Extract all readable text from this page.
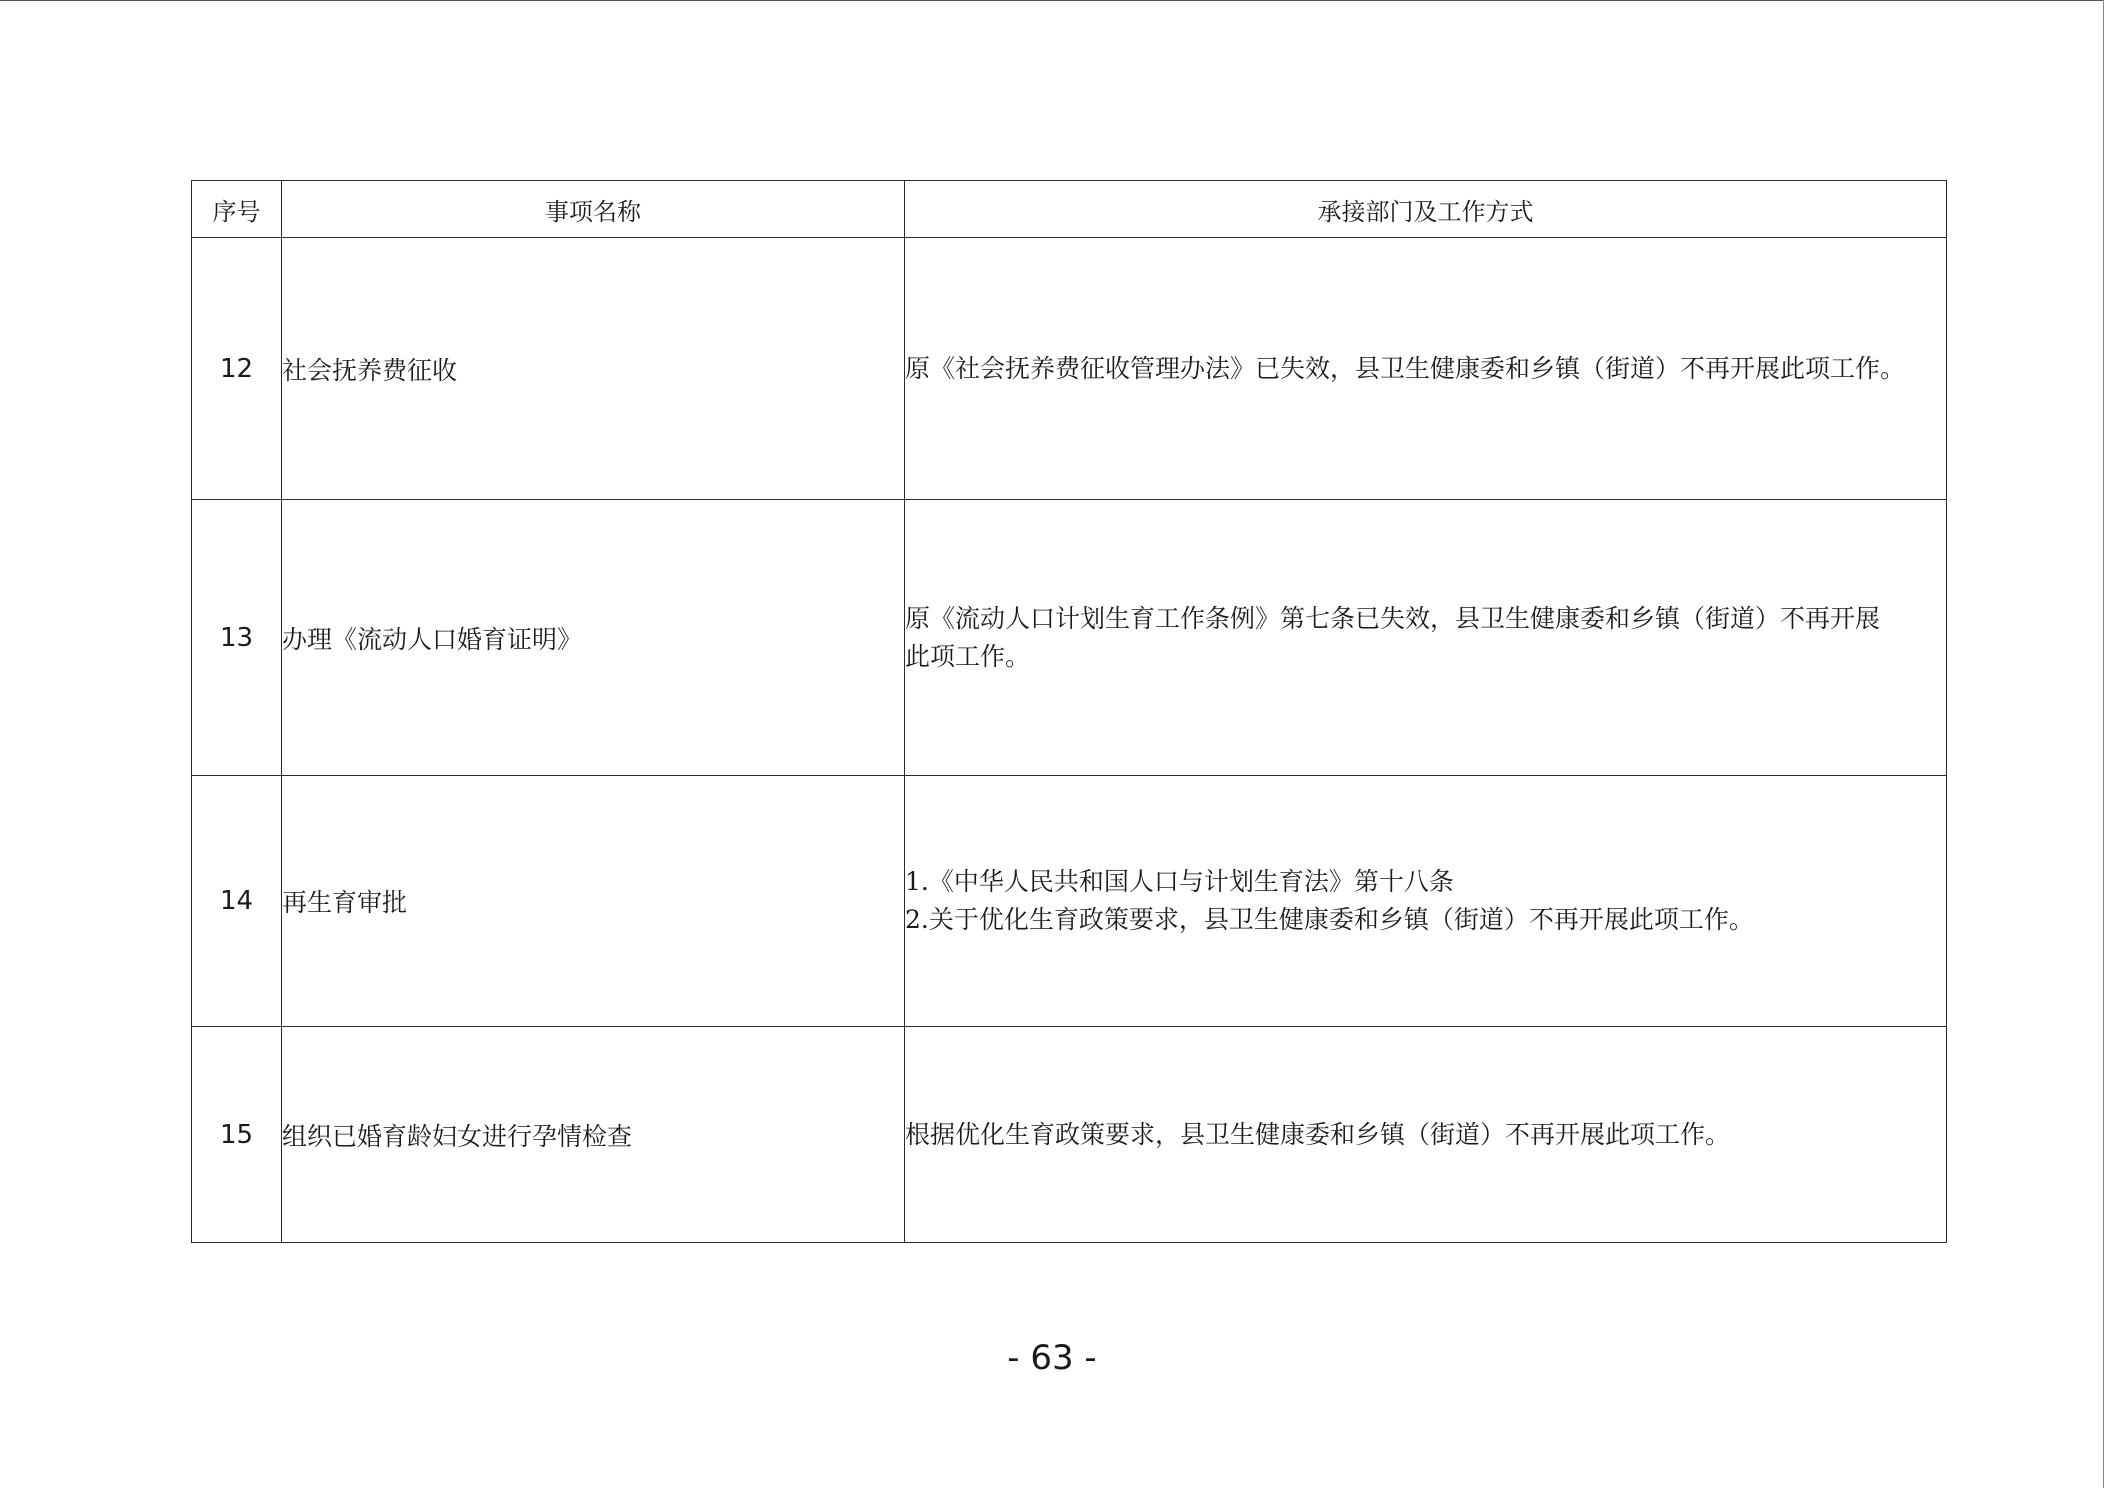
序号	事项名称	承接部门及工作方式
12	社会抚养费征收	原《社会抚养费征收管理办法》已失效，县卫生健康委和乡镇（街道）不再开展此项工作。

13	办理《流动人口婚育证明》	原《流动人口计划生育工作条例》第七条已失效，县卫生健康委和乡镇（街道）不再开展
此项工作。

14	再生育审批	1.《中华人民共和国人口与计划生育法》第十八条
2.关于优化生育政策要求，县卫生健康委和乡镇（街道）不再开展此项工作。

15	组织已婚育龄妇女进行孕情检查	根据优化生育政策要求，县卫生健康委和乡镇（街道）不再开展此项工作。
- 63 -
